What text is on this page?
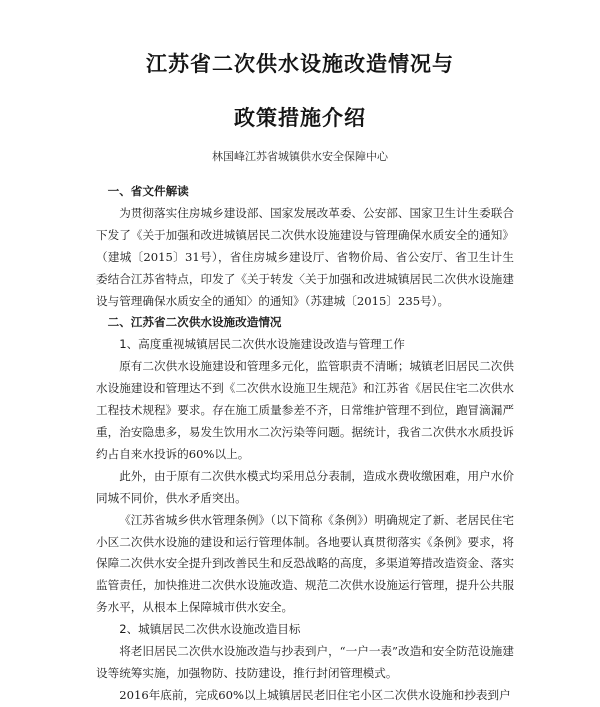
江苏省二次供水设施改造情况与
政策措施介绍
林国峰江苏省城镇供水安全保障中心
一、省文件解读

为贯彻落实住房城乡建设部、国家发展改革委、公安部、国家卫生计生委联合下发了《关于加强和改进城镇居民二次供水设施建设与管理确保水质安全的通知》（建城〔2015〕31号），省住房城乡建设厅、省物价局、省公安厅、省卫生计生委结合江苏省特点，印发了《关于转发〈关于加强和改进城镇居民二次供水设施建设与管理确保水质安全的通知〉的通知》（苏建城〔2015〕235号）。

二、江苏省二次供水设施改造情况
1、高度重视城镇居民二次供水设施建设改造与管理工作

原有二次供水设施建设和管理多元化，监管职责不清晰；城镇老旧居民二次供水设施建设和管理达不到《二次供水设施卫生规范》和江苏省《居民住宅二次供水工程技术规程》要求。存在施工质量参差不齐，日常维护管理不到位，跑冒滴漏严重，治安隐患多，易发生饮用水二次污染等问题。据统计，我省二次供水水质投诉约占自来水投诉的60%以上。

此外，由于原有二次供水模式均采用总分表制，造成水费收缴困难，用户水价同城不同价，供水矛盾突出。

《江苏省城乡供水管理条例》（以下简称《条例》）明确规定了新、老居民住宅小区二次供水设施的建设和运行管理体制。各地要认真贯彻落实《条例》要求，将保障二次供水安全提升到改善民生和反恐战略的高度，多渠道筹措改造资金、落实监管责任，加快推进二次供水设施改造、规范二次供水设施运行管理，提升公共服务水平，从根本上保障城市供水安全。

2、城镇居民二次供水设施改造目标

将老旧居民二次供水设施改造与抄表到户，“一户一表”改造和安全防范设施建设等统筹实施，加强物防、技防建设，推行封闭管理模式。

2016年底前，完成60%以上城镇居民老旧住宅小区二次供水设施和抄表到户
